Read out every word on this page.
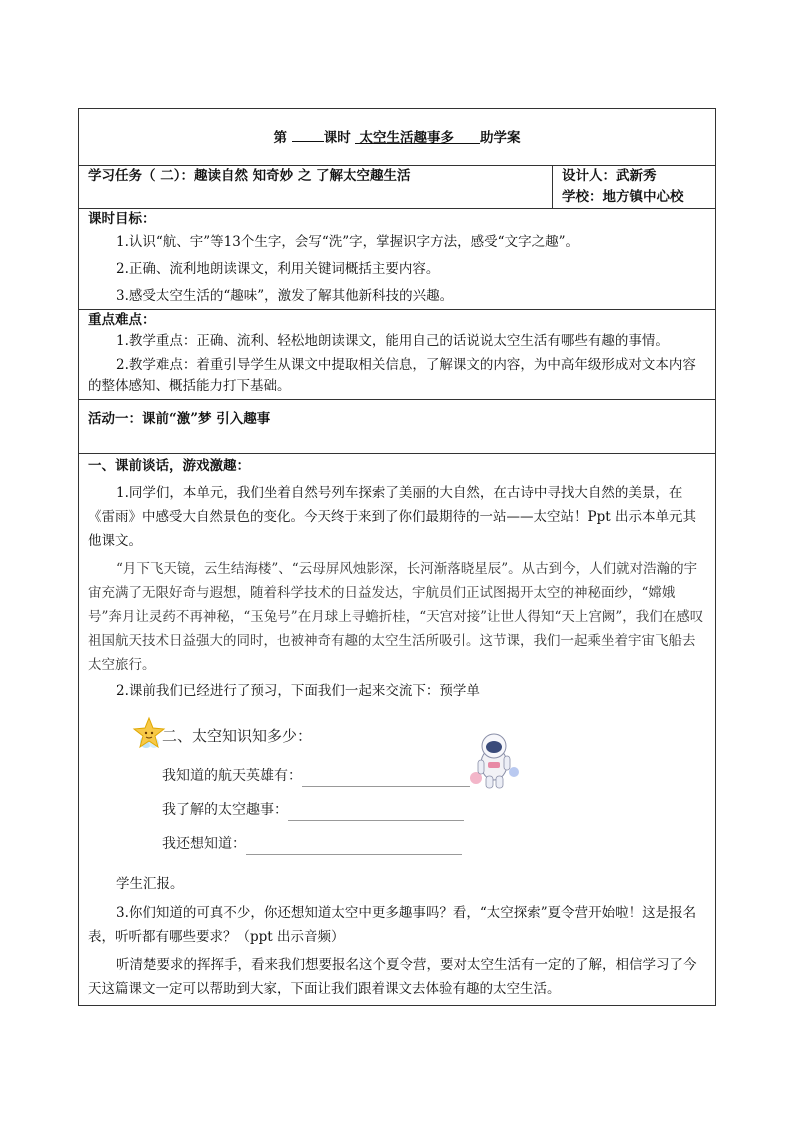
第	课时 太空生活趣事多 助学案
学习任务（ 二）：趣读自然 知奇妙 之 了解太空趣生活	设计人：武新秀
学校：地方镇中心校

课时目标：

1.认识“航、宇”等13个生字，会写“洗”字，掌握识字方法，感受“文字之趣”。

2.正确、流利地朗读课文，利用关键词概括主要内容。

3.感受太空生活的“趣味”，激发了解其他新科技的兴趣。

重点难点：

1.教学重点：正确、流利、轻松地朗读课文，能用自己的话说说太空生活有哪些有趣的事情。

2.教学难点：着重引导学生从课文中提取相关信息，了解课文的内容，为中高年级形成对文本内容的整体感知、概括能力打下基础。

活动一：课前“激”梦 引入趣事

一、课前谈话，游戏激趣：

1.同学们，本单元，我们坐着自然号列车探索了美丽的大自然，在古诗中寻找大自然的美景，在《雷雨》中感受大自然景色的变化。今天终于来到了你们最期待的一站——太空站！Ppt 出示本单元其他课文。

“月下飞天镜，云生结海楼”、“云母屏风烛影深，长河渐落晓星辰”。从古到今，人们就对浩瀚的宇宙充满了无限好奇与遐想，随着科学技术的日益发达，宇航员们正试图揭开太空的神秘面纱，“嫦娥号”奔月让灵药不再神秘，“玉兔号”在月球上寻蟾折桂，“天宫对接”让世人得知“天上宫阙”，我们在感叹祖国航天技术日益强大的同时，也被神奇有趣的太空生活所吸引。这节课，我们一起乘坐着宇宙飞船去太空旅行。

2.课前我们已经进行了预习，下面我们一起来交流下：预学单

二、太空知识知多少：
我知道的航天英雄有：
我了解的太空趣事：
我还想知道：

学生汇报。

3.你们知道的可真不少，你还想知道太空中更多趣事吗？看，“太空探索”夏令营开始啦！这是报名表，听听都有哪些要求？（ppt 出示音频）

听清楚要求的挥挥手，看来我们想要报名这个夏令营，要对太空生活有一定的了解，相信学习了今天这篇课文一定可以帮助到大家，下面让我们跟着课文去体验有趣的太空生活。
